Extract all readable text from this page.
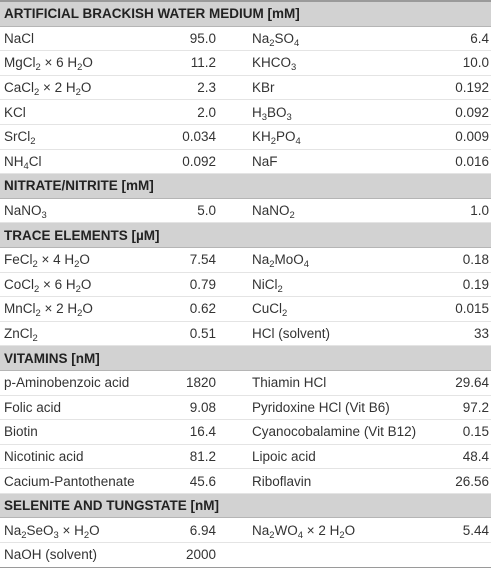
ARTIFICIAL BRACKISH WATER MEDIUM [mM]			
NaCl	95.0	$Na_2SO_4$	6.4
MgCl$_2$ × 6 $H_2O$	11.2	$KHCO_3$	10.0
CaCl$_2$ × 2 $H_2O$	2.3	KBr	0.192
KCl	2.0	$H_3BO_3$	0.092
SrCl$_2$	0.034	$KH_2PO_4$	0.009
$NH_4Cl$	0.092	NaF	0.016
NITRATE/NITRITE [mM]			
NaNO$_3$	5.0	NaNO$_2$	1.0
TRACE ELEMENTS [µM]			
FeCl$_2$ × 4 $H_2O$	7.54	$Na_2MoO_4$	0.18
CoCl$_2$ × 6 $H_2O$	0.79	NiCl$_2$	0.19
MnCl$_2$ × 2 $H_2O$	0.62	CuCl$_2$	0.015
ZnCl$_2$	0.51	HCl (solvent)	33
VITAMINS [nM]			
p-Aminobenzoic acid	1820	Thiamin HCl	29.64
Folic acid	9.08	Pyridoxine HCl (Vit B6)	97.2
Biotin	16.4	Cyanocobalamine (Vit B12)	0.15
Nicotinic acid	81.2	Lipoic acid	48.4
Cacium-Pantothenate	45.6	Riboflavin	26.56
SELENITE AND TUNGSTATE [nM]			
$Na_2SeO_3 \times H_2O$	6.94	$Na_2WO_4 \times 2$ $H_2O$	5.44
NaOH (solvent)	2000		
